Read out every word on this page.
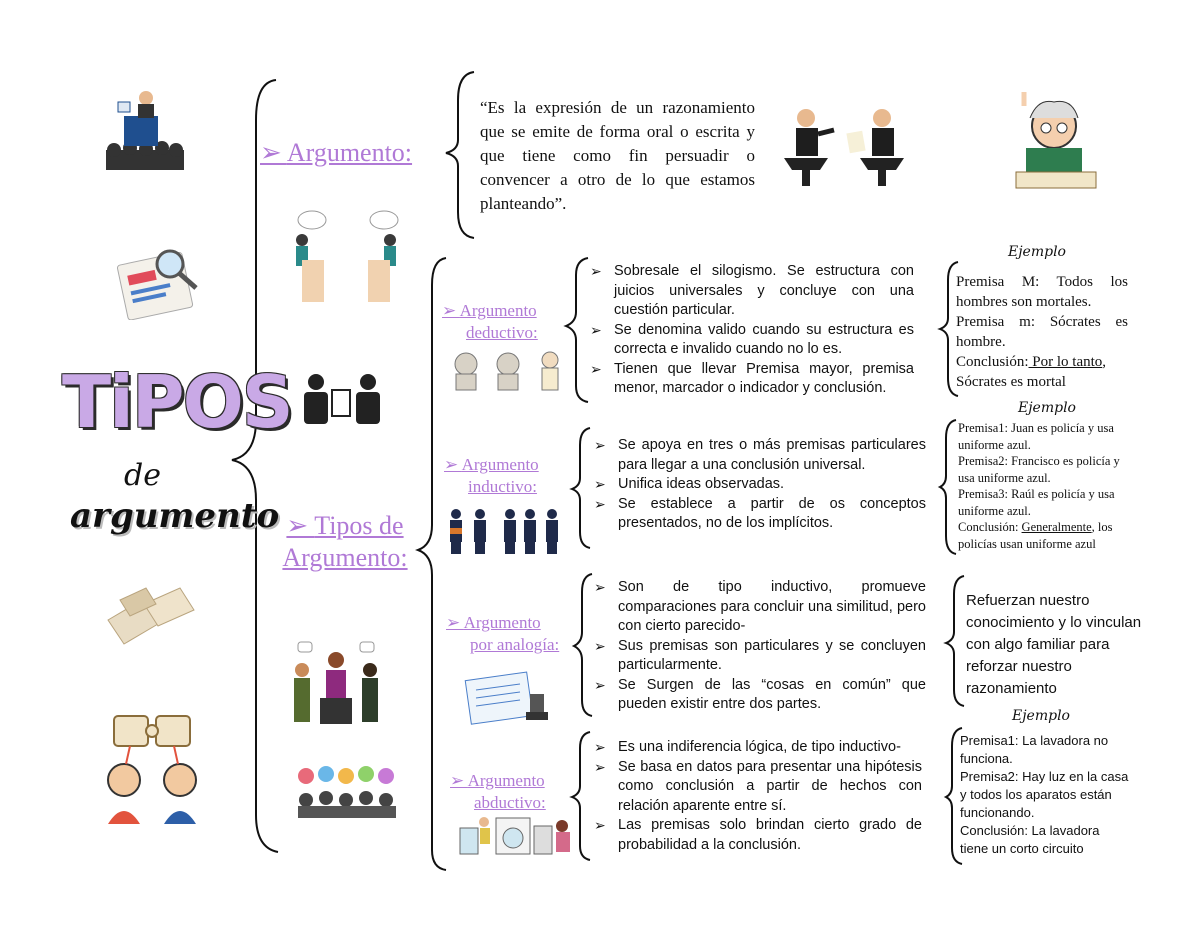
TiPOS
de
argumento
➢ Argumento:
“Es la expresión de un razonamiento que se emite de forma oral o escrita y que tiene como fin persuadir o convencer a otro de lo que estamos planteando”.
➢ Tipos de
Argumento:
➢ Argumento
deductivo:
➢ Sobresale el silogismo. Se estructura con juicios universales y concluye con una cuestión particular.
➢ Se denomina valido cuando su estructura es correcta e invalido cuando no lo es.
➢ Tienen que llevar Premisa mayor, premisa menor, marcador o indicador y conclusión.
Ejemplo
Premisa M: Todos los hombres son mortales.
Premisa m: Sócrates es hombre.
Conclusión: Por lo tanto, Sócrates es mortal
➢ Argumento
inductivo:
➢ Se apoya en tres o más premisas particulares para llegar a una conclusión universal.
➢ Unifica ideas observadas.
➢ Se establece a partir de os conceptos presentados, no de los implícitos.
Ejemplo
Premisa1: Juan es policía y usa uniforme azul.
Premisa2: Francisco es policía y usa uniforme azul.
Premisa3: Raúl es policía y usa uniforme azul.
Conclusión: Generalmente, los policías usan uniforme azul
➢ Argumento
por analogía:
➢ Son de tipo inductivo, promueve comparaciones para concluir una similitud, pero con cierto parecido-
➢ Sus premisas son particulares y se concluyen particularmente.
➢ Se Surgen de las “cosas en común” que pueden existir entre dos partes.
Refuerzan nuestro conocimiento y lo vinculan con algo familiar para reforzar nuestro razonamiento
➢ Argumento
abductivo:
➢ Es una indiferencia lógica, de tipo inductivo-
➢ Se basa en datos para presentar una hipótesis como conclusión a partir de hechos con relación aparente entre sí.
➢ Las premisas solo brindan cierto grado de probabilidad a la conclusión.
Ejemplo
Premisa1: La lavadora no funciona.
Premisa2: Hay luz en la casa y todos los aparatos están funcionando.
Conclusión: La lavadora tiene un corto circuito
